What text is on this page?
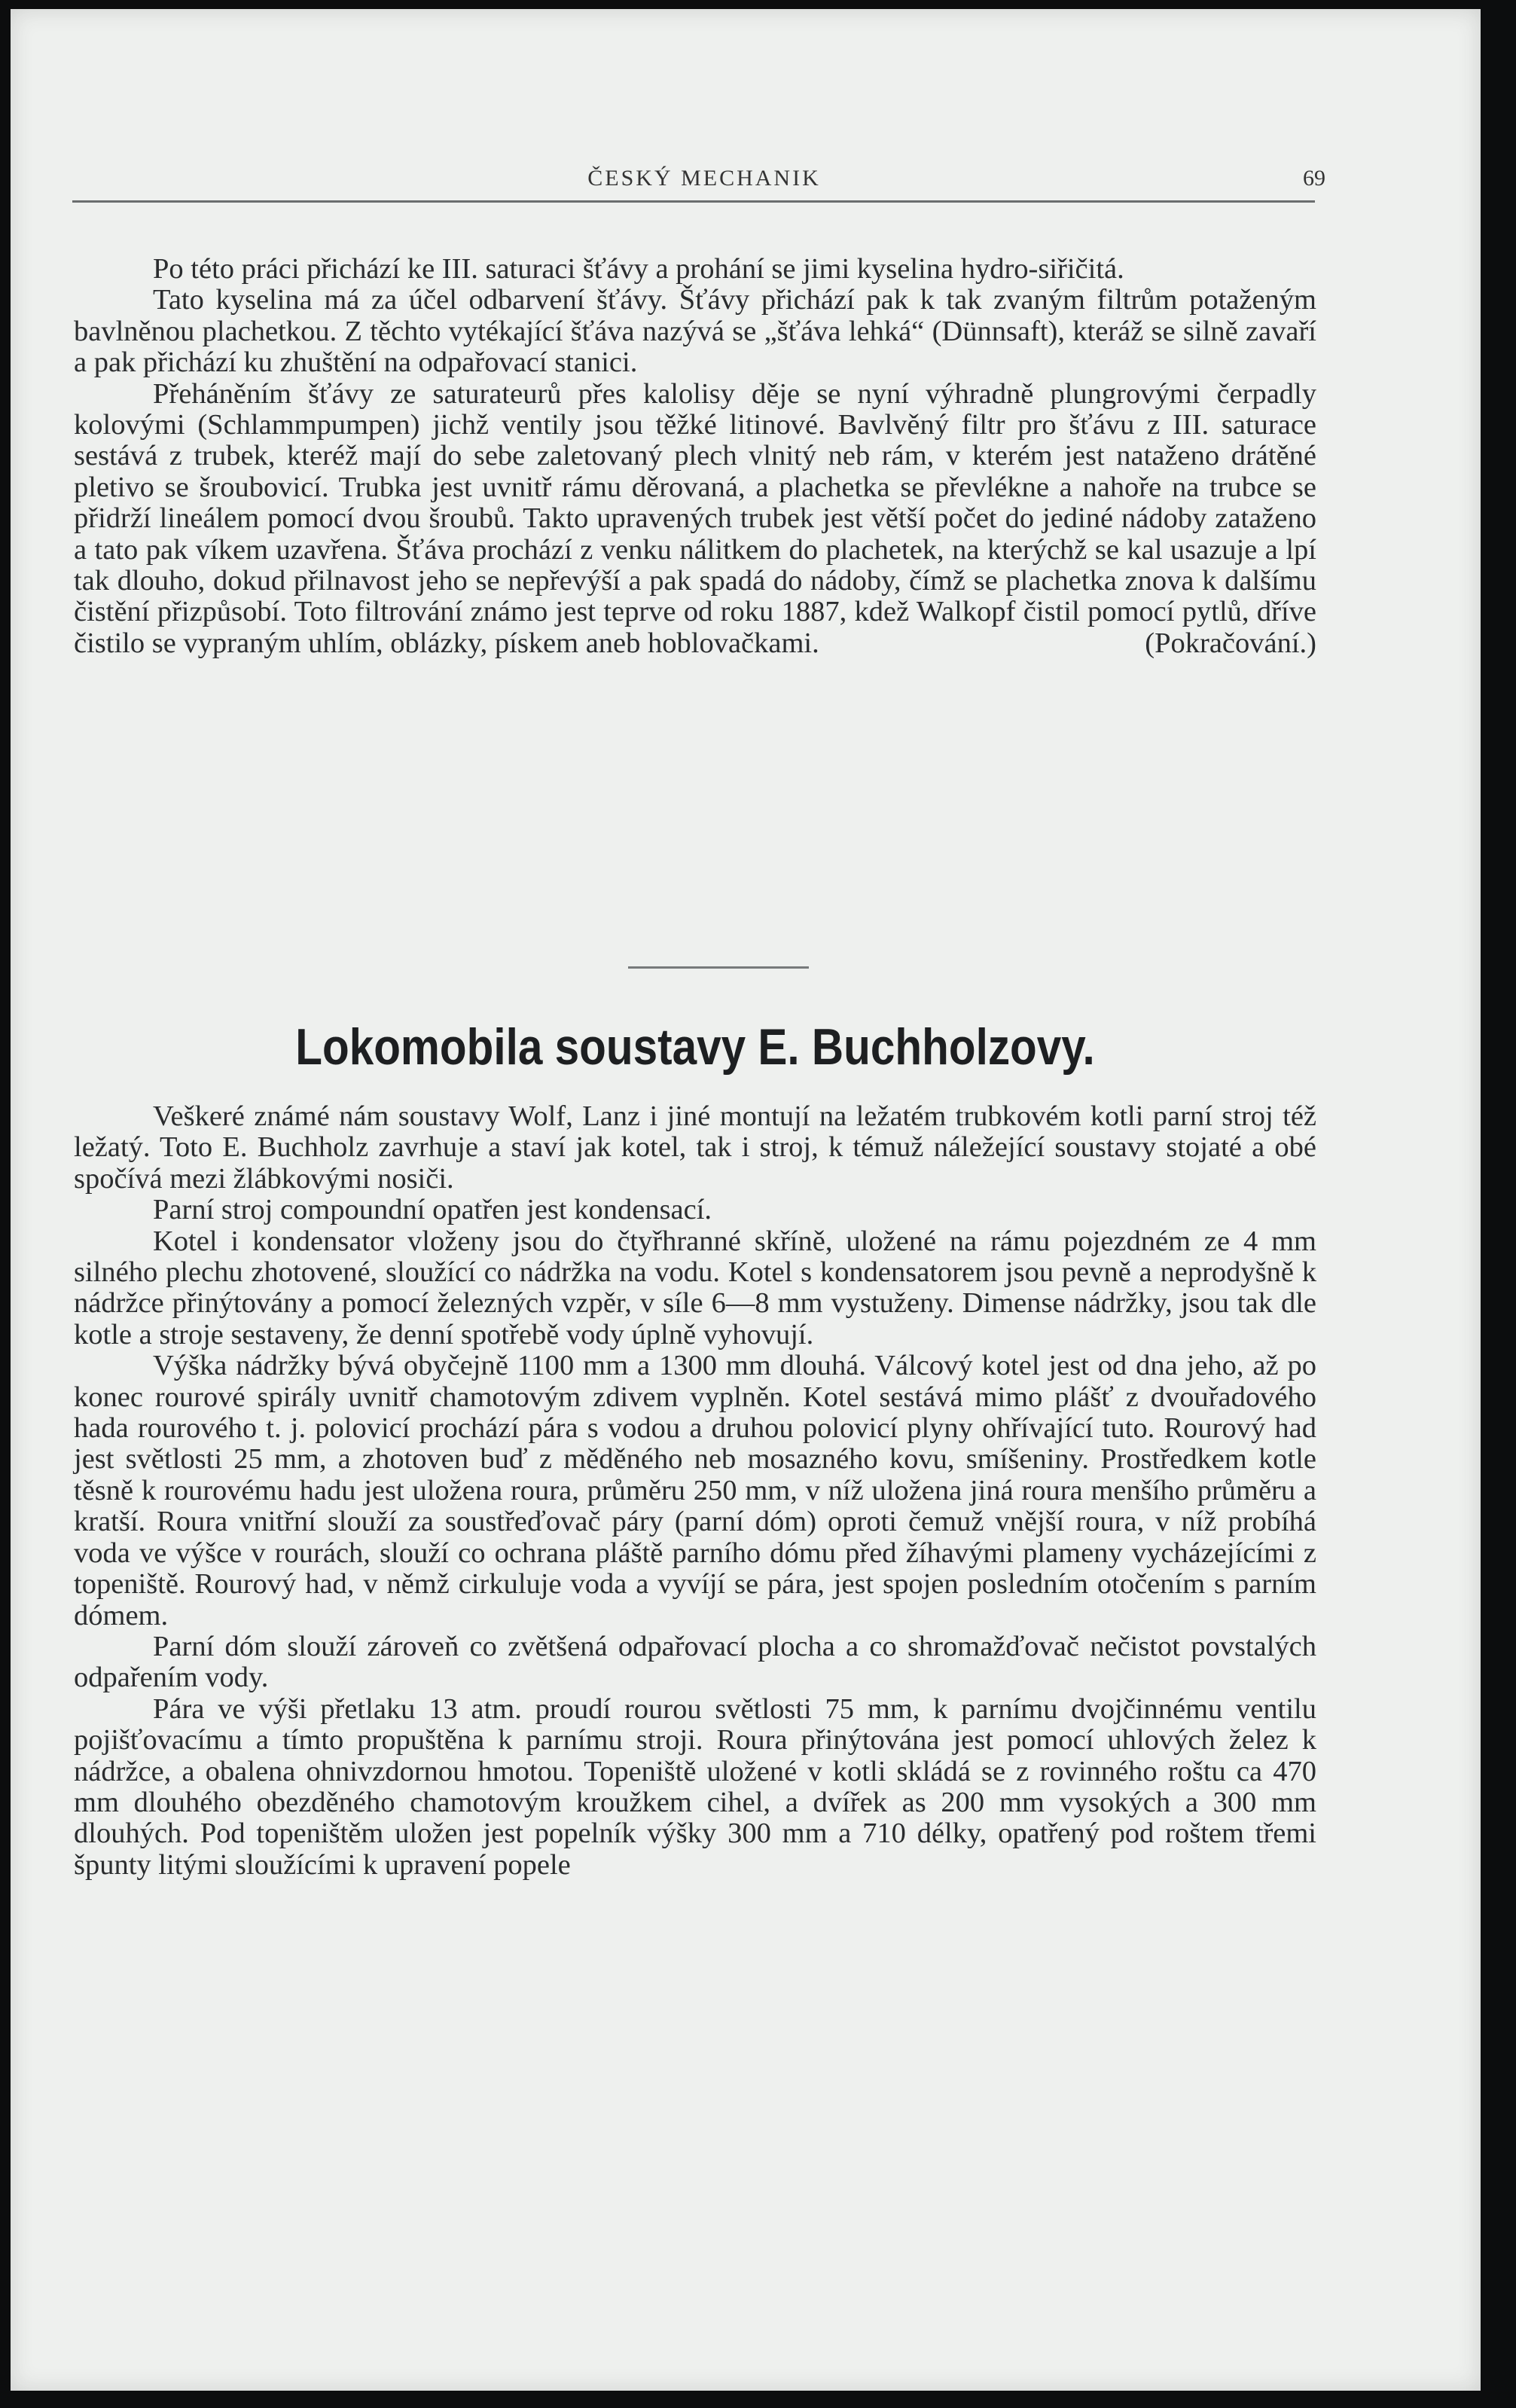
ČESKÝ MECHANIK	69

Po této práci přichází ke III. saturaci šťávy a prohání se jimi kyselina hydro-siřičitá.

Tato kyselina má za účel odbarvení šťávy. Šťávy přichází pak k tak zvaným filtrům potaženým bavlněnou plachetkou. Z těchto vytékající šťáva nazývá se „šťáva lehká“ (Dünnsaft), kteráž se silně zavaří a pak přichází ku zhuštění na odpařovací stanici.

Přeháněním šťávy ze saturateurů přes kalolisy děje se nyní výhradně plungrovými čerpadly kolovými (Schlammpumpen) jichž ventily jsou těžké litinové. Bavlvěný filtr pro šťávu z III. saturace sestává z trubek, kteréž mají do sebe zaletovaný plech vlnitý neb rám, v kterém jest nataženo drátěné pletivo se šroubovicí. Trubka jest uvnitř rámu děrovaná, a plachetka se převlékne a nahoře na trubce se přidrží lineálem pomocí dvou šroubů. Takto upravených trubek jest větší počet do jediné nádoby zataženo a tato pak víkem uzavřena. Šťáva prochází z venku nálitkem do plachetek, na kterýchž se kal usazuje a lpí tak dlouho, dokud přilnavost jeho se nepřevýší a pak spadá do nádoby, čímž se plachetka znova k dalšímu čistění přizpůsobí. Toto filtrování známo jest teprve od roku 1887, kdež Walkopf čistil pomocí pytlů, dříve čistilo se vypraným uhlím, oblázky, pískem aneb hoblovačkami.	(Pokračování.)

Lokomobila soustavy E. Buchholzovy.

Veškeré známé nám soustavy Wolf, Lanz i jiné montují na ležatém trubkovém kotli parní stroj též ležatý. Toto E. Buchholz zavrhuje a staví jak kotel, tak i stroj, k témuž náležející soustavy stojaté a obé spočívá mezi žlábkovými nosiči.

Parní stroj compoundní opatřen jest kondensací.

Kotel i kondensator vloženy jsou do čtyřhranné skříně, uložené na rámu pojezdném ze 4 mm silného plechu zhotovené, sloužící co nádržka na vodu. Kotel s kondensatorem jsou pevně a neprodyšně k nádržce přinýtovány a pomocí železných vzpěr, v síle 6—8 mm vystuženy. Dimense nádržky, jsou tak dle kotle a stroje sestaveny, že denní spotřebě vody úplně vyhovují.

Výška nádržky bývá obyčejně 1100 mm a 1300 mm dlouhá. Válcový kotel jest od dna jeho, až po konec rourové spirály uvnitř chamotovým zdivem vyplněn. Kotel sestává mimo plášť z dvouřadového hada rourového t. j. polovicí prochází pára s vodou a druhou polovicí plyny ohřívající tuto. Rourový had jest světlosti 25 mm, a zhotoven buď z měděného neb mosazného kovu, smíšeniny. Prostředkem kotle těsně k rourovému hadu jest uložena roura, průměru 250 mm, v níž uložena jiná roura menšího průměru a kratší. Roura vnitřní slouží za soustřeďovač páry (parní dóm) oproti čemuž vnější roura, v níž probíhá voda ve výšce v rourách, slouží co ochrana pláště parního dómu před žíhavými plameny vycházejícími z topeniště. Rourový had, v němž cirkuluje voda a vyvíjí se pára, jest spojen posledním otočením s parním dómem.

Parní dóm slouží zároveň co zvětšená odpařovací plocha a co shromažďovač nečistot povstalých odpařením vody.

Pára ve výši přetlaku 13 atm. proudí rourou světlosti 75 mm, k parnímu dvojčinnému ventilu pojišťovacímu a tímto propuštěna k parnímu stroji. Roura přinýtována jest pomocí uhlových želez k nádržce, a obalena ohnivzdornou hmotou. Topeniště uložené v kotli skládá se z rovinného roštu ca 470 mm dlouhého obezděného chamotovým kroužkem cihel, a dvířek as 200 mm vysokých a 300 mm dlouhých. Pod topeništěm uložen jest popelník výšky 300 mm a 710 délky, opatřený pod roštem třemi špunty litými sloužícími k upravení popele
